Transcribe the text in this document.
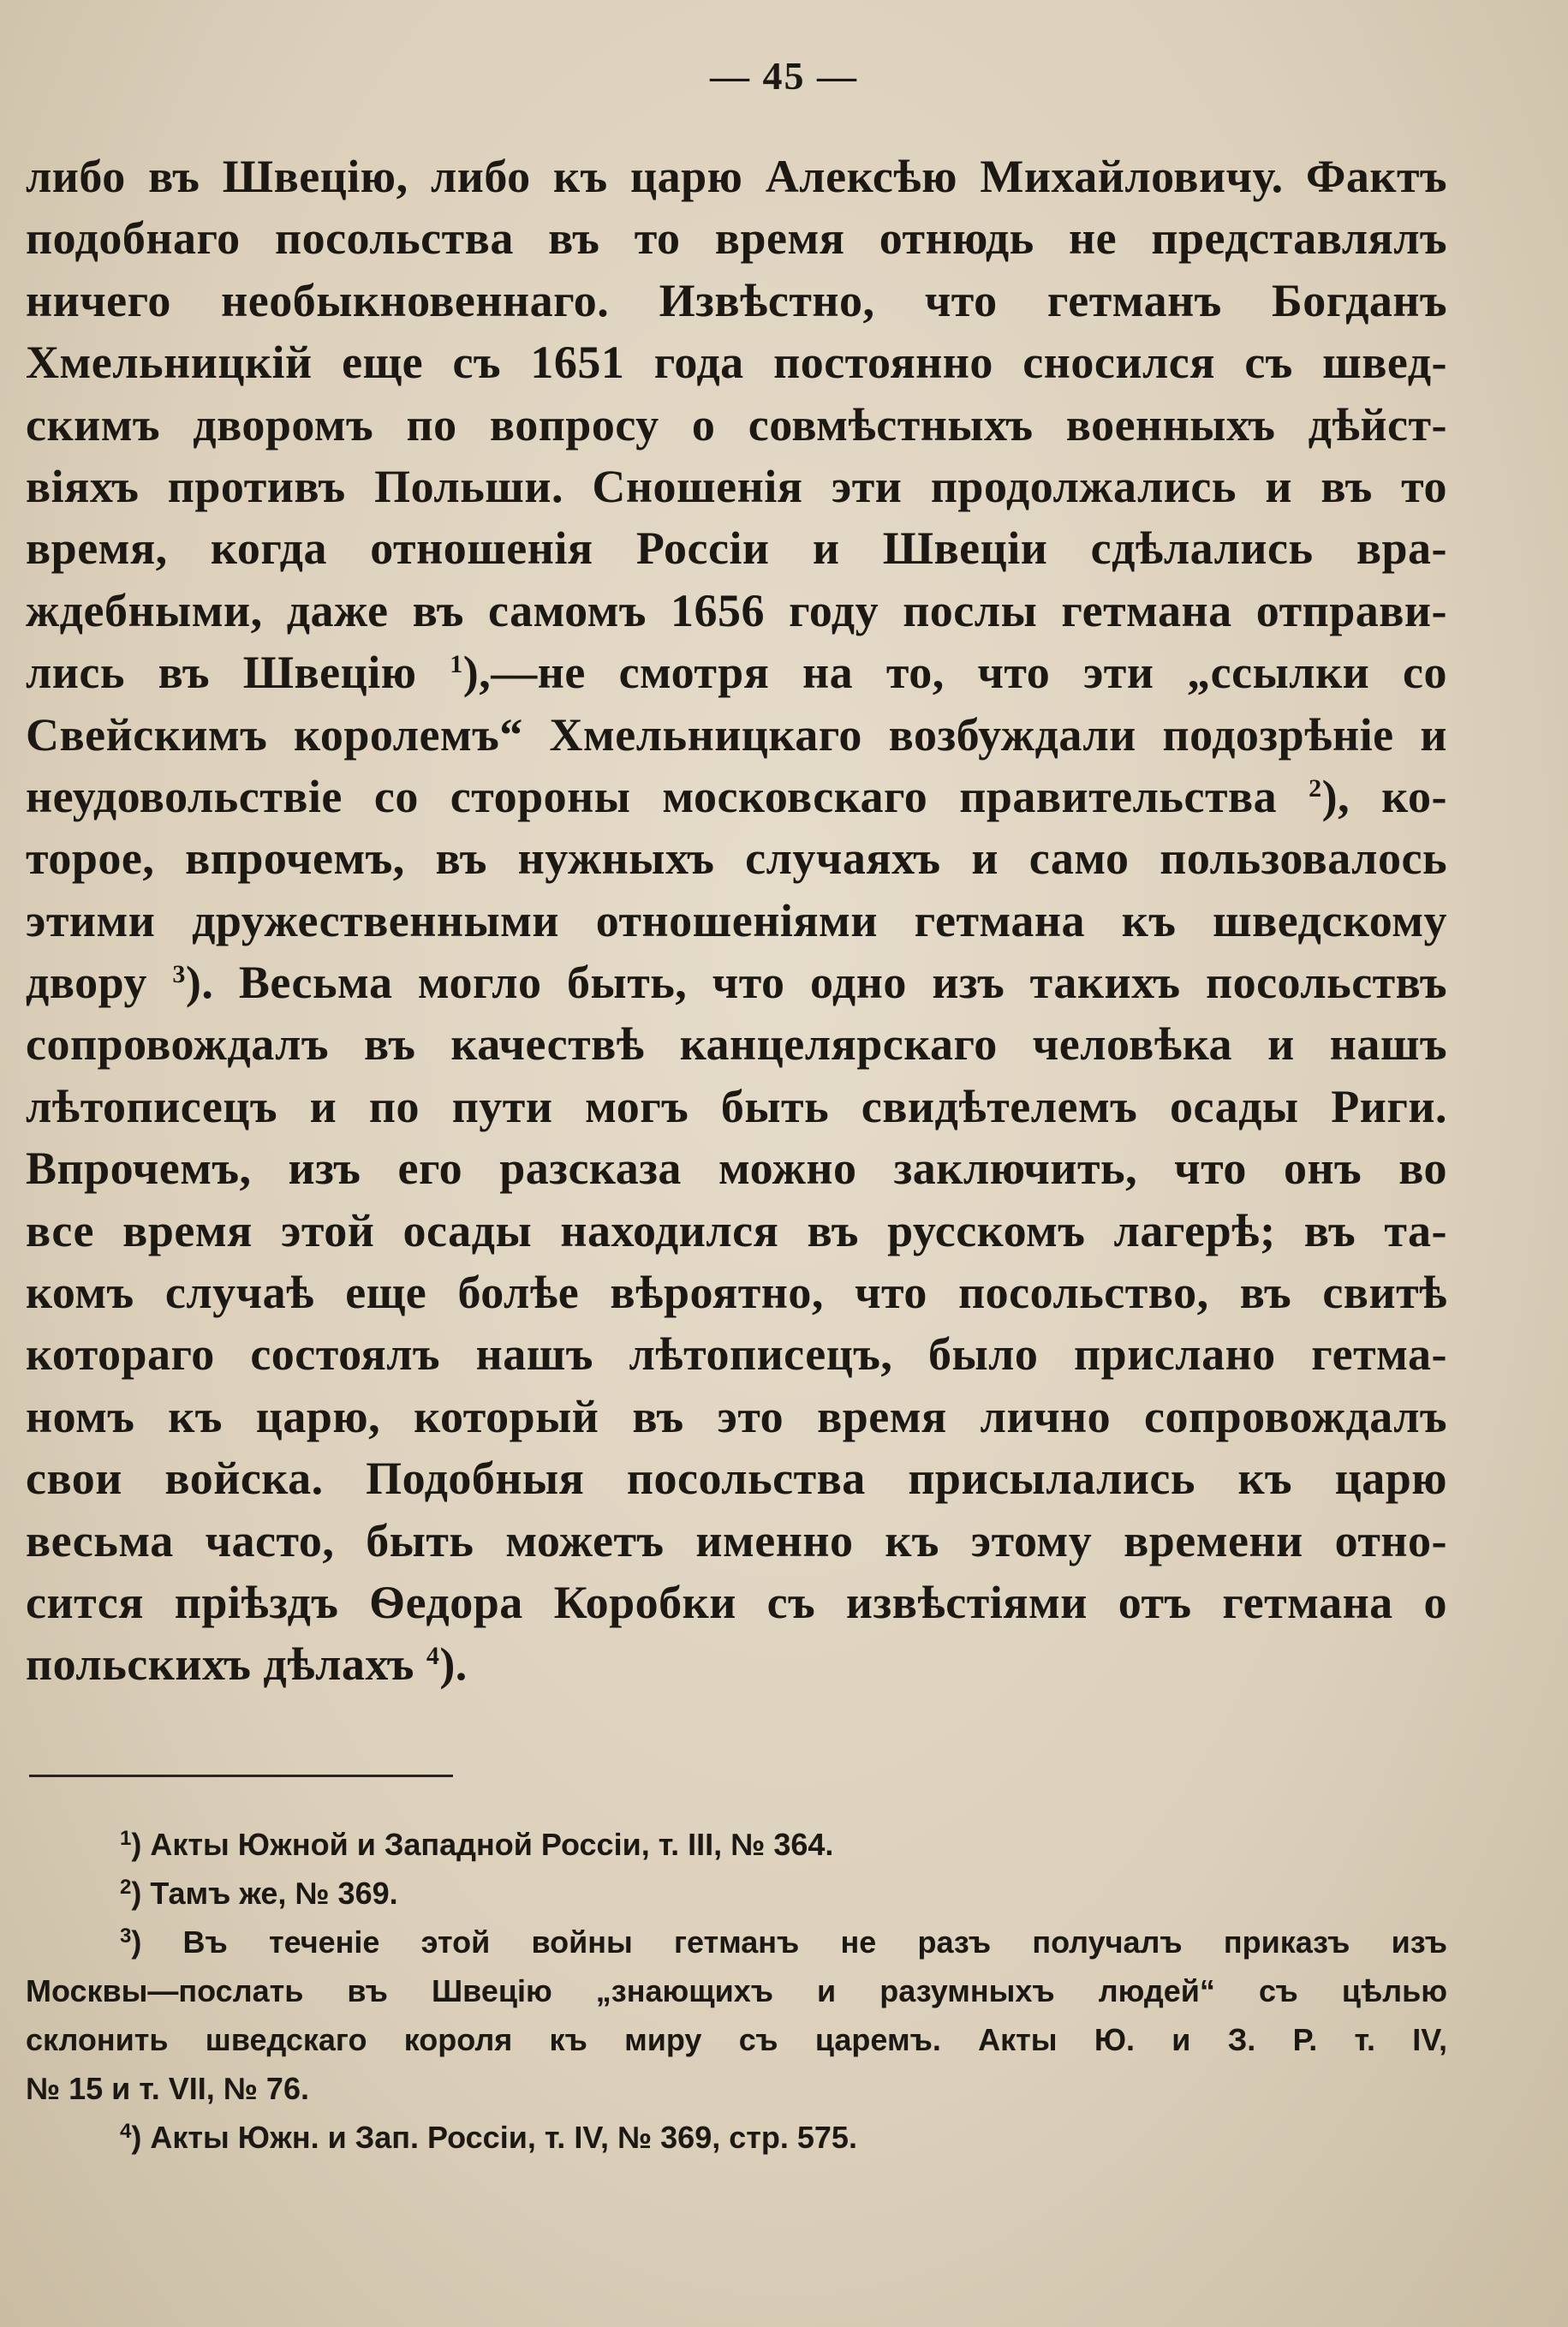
— 45 —
либо въ Швецію, либо къ царю Алексѣю Михайловичу. Фактъ
подобнаго посольства въ то время отнюдь не представлялъ
ничего необыкновеннаго. Извѣстно, что гетманъ Богданъ
Хмельницкій еще съ 1651 года постоянно сносился съ швед-
скимъ дворомъ по вопросу о совмѣстныхъ военныхъ дѣйст-
віяхъ противъ Польши. Сношенія эти продолжались и въ то
время, когда отношенія Россіи и Швеціи сдѣлались вра-
ждебными, даже въ самомъ 1656 году послы гетмана отправи-
лись въ Швецію $^1$),—не смотря на то, что эти „ссылки со
Свейскимъ королемъ“ Хмельницкаго возбуждали подозрѣніе и
неудовольствіе со стороны московскаго правительства $^2$), ко-
торое, впрочемъ, въ нужныхъ случаяхъ и само пользовалось
этими дружественными отношеніями гетмана къ шведскому
двору $^3$). Весьма могло быть, что одно изъ такихъ посольствъ
сопровождалъ въ качествѣ канцелярскаго человѣка и нашъ
лѣтописецъ и по пути могъ быть свидѣтелемъ осады Риги.
Впрочемъ, изъ его разсказа можно заключить, что онъ во
все время этой осады находился въ русскомъ лагерѣ; въ та-
комъ случаѣ еще болѣе вѣроятно, что посольство, въ свитѣ
котораго состоялъ нашъ лѣтописецъ, было прислано гетма-
номъ къ царю, который въ это время лично сопровождалъ
свои войска. Подобныя посольства присылались къ царю
весьма часто, быть можетъ именно къ этому времени отно-
сится пріѣздъ Ѳедора Коробки съ извѣстіями отъ гетмана о
польскихъ дѣлахъ $^4$).
$^1$) Акты Южной и Западной Россіи, т. III, № 364.
$^2$) Тамъ же, № 369.
$^3$) Въ теченіе этой войны гетманъ не разъ получалъ приказъ изъ
Москвы—послать въ Швецію „знающихъ и разумныхъ людей“ съ цѣлью
склонить шведскаго короля къ миру съ царемъ. Акты Ю. и З. Р. т. IV,
№ 15 и т. VII, № 76.
$^4$) Акты Южн. и Зап. Россіи, т. IV, № 369, стр. 575.
